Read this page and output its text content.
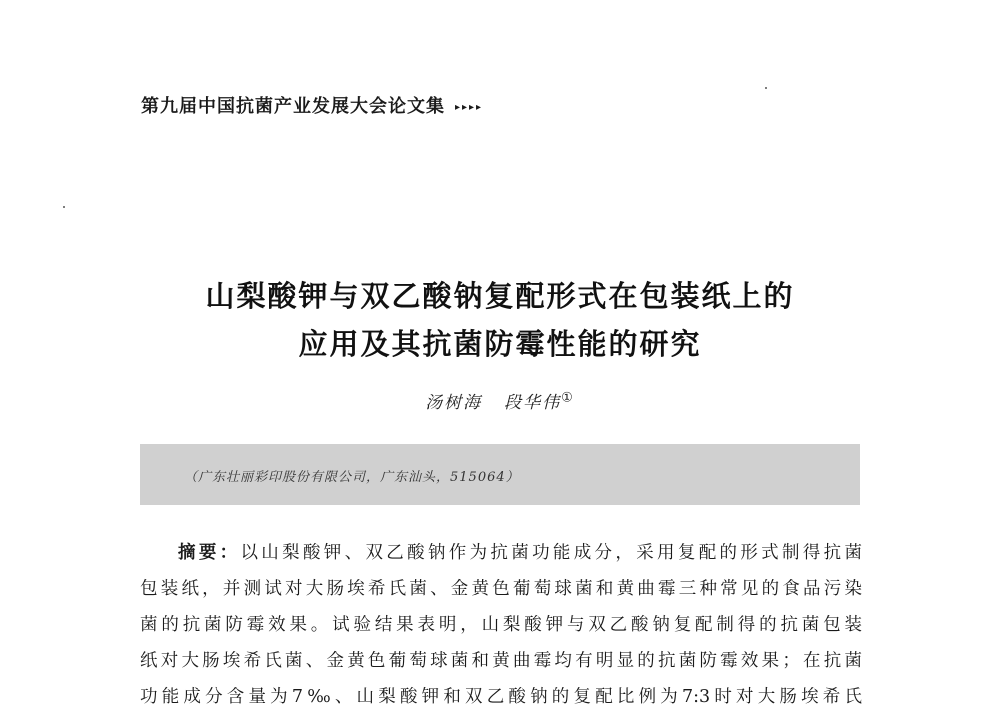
第九届中国抗菌产业发展大会论文集 ▸▸▸▸
山梨酸钾与双乙酸钠复配形式在包装纸上的
应用及其抗菌防霉性能的研究
汤树海 段华伟①
（广东壮丽彩印股份有限公司，广东汕头，515064）
摘要：以山梨酸钾、双乙酸钠作为抗菌功能成分，采用复配的形式制得抗菌
包装纸，并测试对大肠埃希氏菌、金黄色葡萄球菌和黄曲霉三种常见的食品污染
菌的抗菌防霉效果。试验结果表明，山梨酸钾与双乙酸钠复配制得的抗菌包装
纸对大肠埃希氏菌、金黄色葡萄球菌和黄曲霉均有明显的抗菌防霉效果；在抗菌
功能成分含量为7‰、山梨酸钾和双乙酸钠的复配比例为7:3时对大肠埃希氏
